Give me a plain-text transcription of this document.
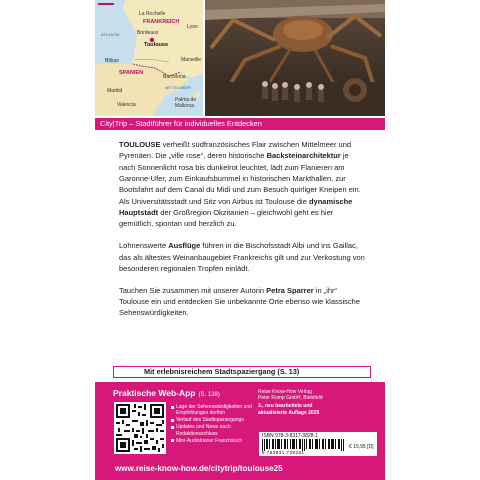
La Rochelle
FRANKREICH
Lyon
ATLANTIK	Bordeaux
Toulouse
Marseille
Bilbao
SPANIEN
Barcelona
MITTELMEER
Madrid
Valencia
Palma de
Mallorca
City|Trip – Stadtführer für individuelles Entdecken

TOULOUSE verheißt südfranzösisches Flair zwischen Mittelmeer und Pyrenäen. Die „ville rose“, deren historische Backsteinarchitektur je nach Sonnenlicht rosa bis dunkelrot leuchtet, lädt zum Flanieren am Garonne-Ufer, zum Einkaufsbummel in historischen Markthallen, zur Bootsfahrt auf dem Canal du Midi und zum Besuch quirliger Kneipen ein. Als Universitätsstadt und Sitz von Airbus ist Toulouse die dynamische Hauptstadt der Großregion Okzitanien – gleichwohl geht es hier gemütlich, spontan und herzlich zu.

Lohnenswerte Ausflüge führen in die Bischofsstadt Albi und ins Gaillac, das als ältestes Weinanbaugebiet Frankreichs gilt und zur Verkostung von besonderen regionalen Tropfen einlädt.

Tauchen Sie zusammen mit unserer Autorin Petra Sparrer in „ihr“ Toulouse ein und entdecken Sie unbekannte Orte ebenso wie klassische Sehenswürdigkeiten.

Mit erlebnisreichem Stadtspaziergang (S. 13)
Praktische Web-App (S. 138)
Lage der Sehenswürdigkeiten und Empfehlungen dorthin
Verlauf des Stadtspaziergangs
Updates und News nach Redaktionsschluss
Mini-Audiotrainer Französisch
Reise Know-How Verlag
Peter Rump GmbH, Bielefeld
3., neu bearbeitete und
aktualisierte Auflage 2025
ISBN 978-3-8317-3828-1
€ 15,95 [D]
9 783831 738281
www.reise-know-how.de/citytrip/toulouse25
